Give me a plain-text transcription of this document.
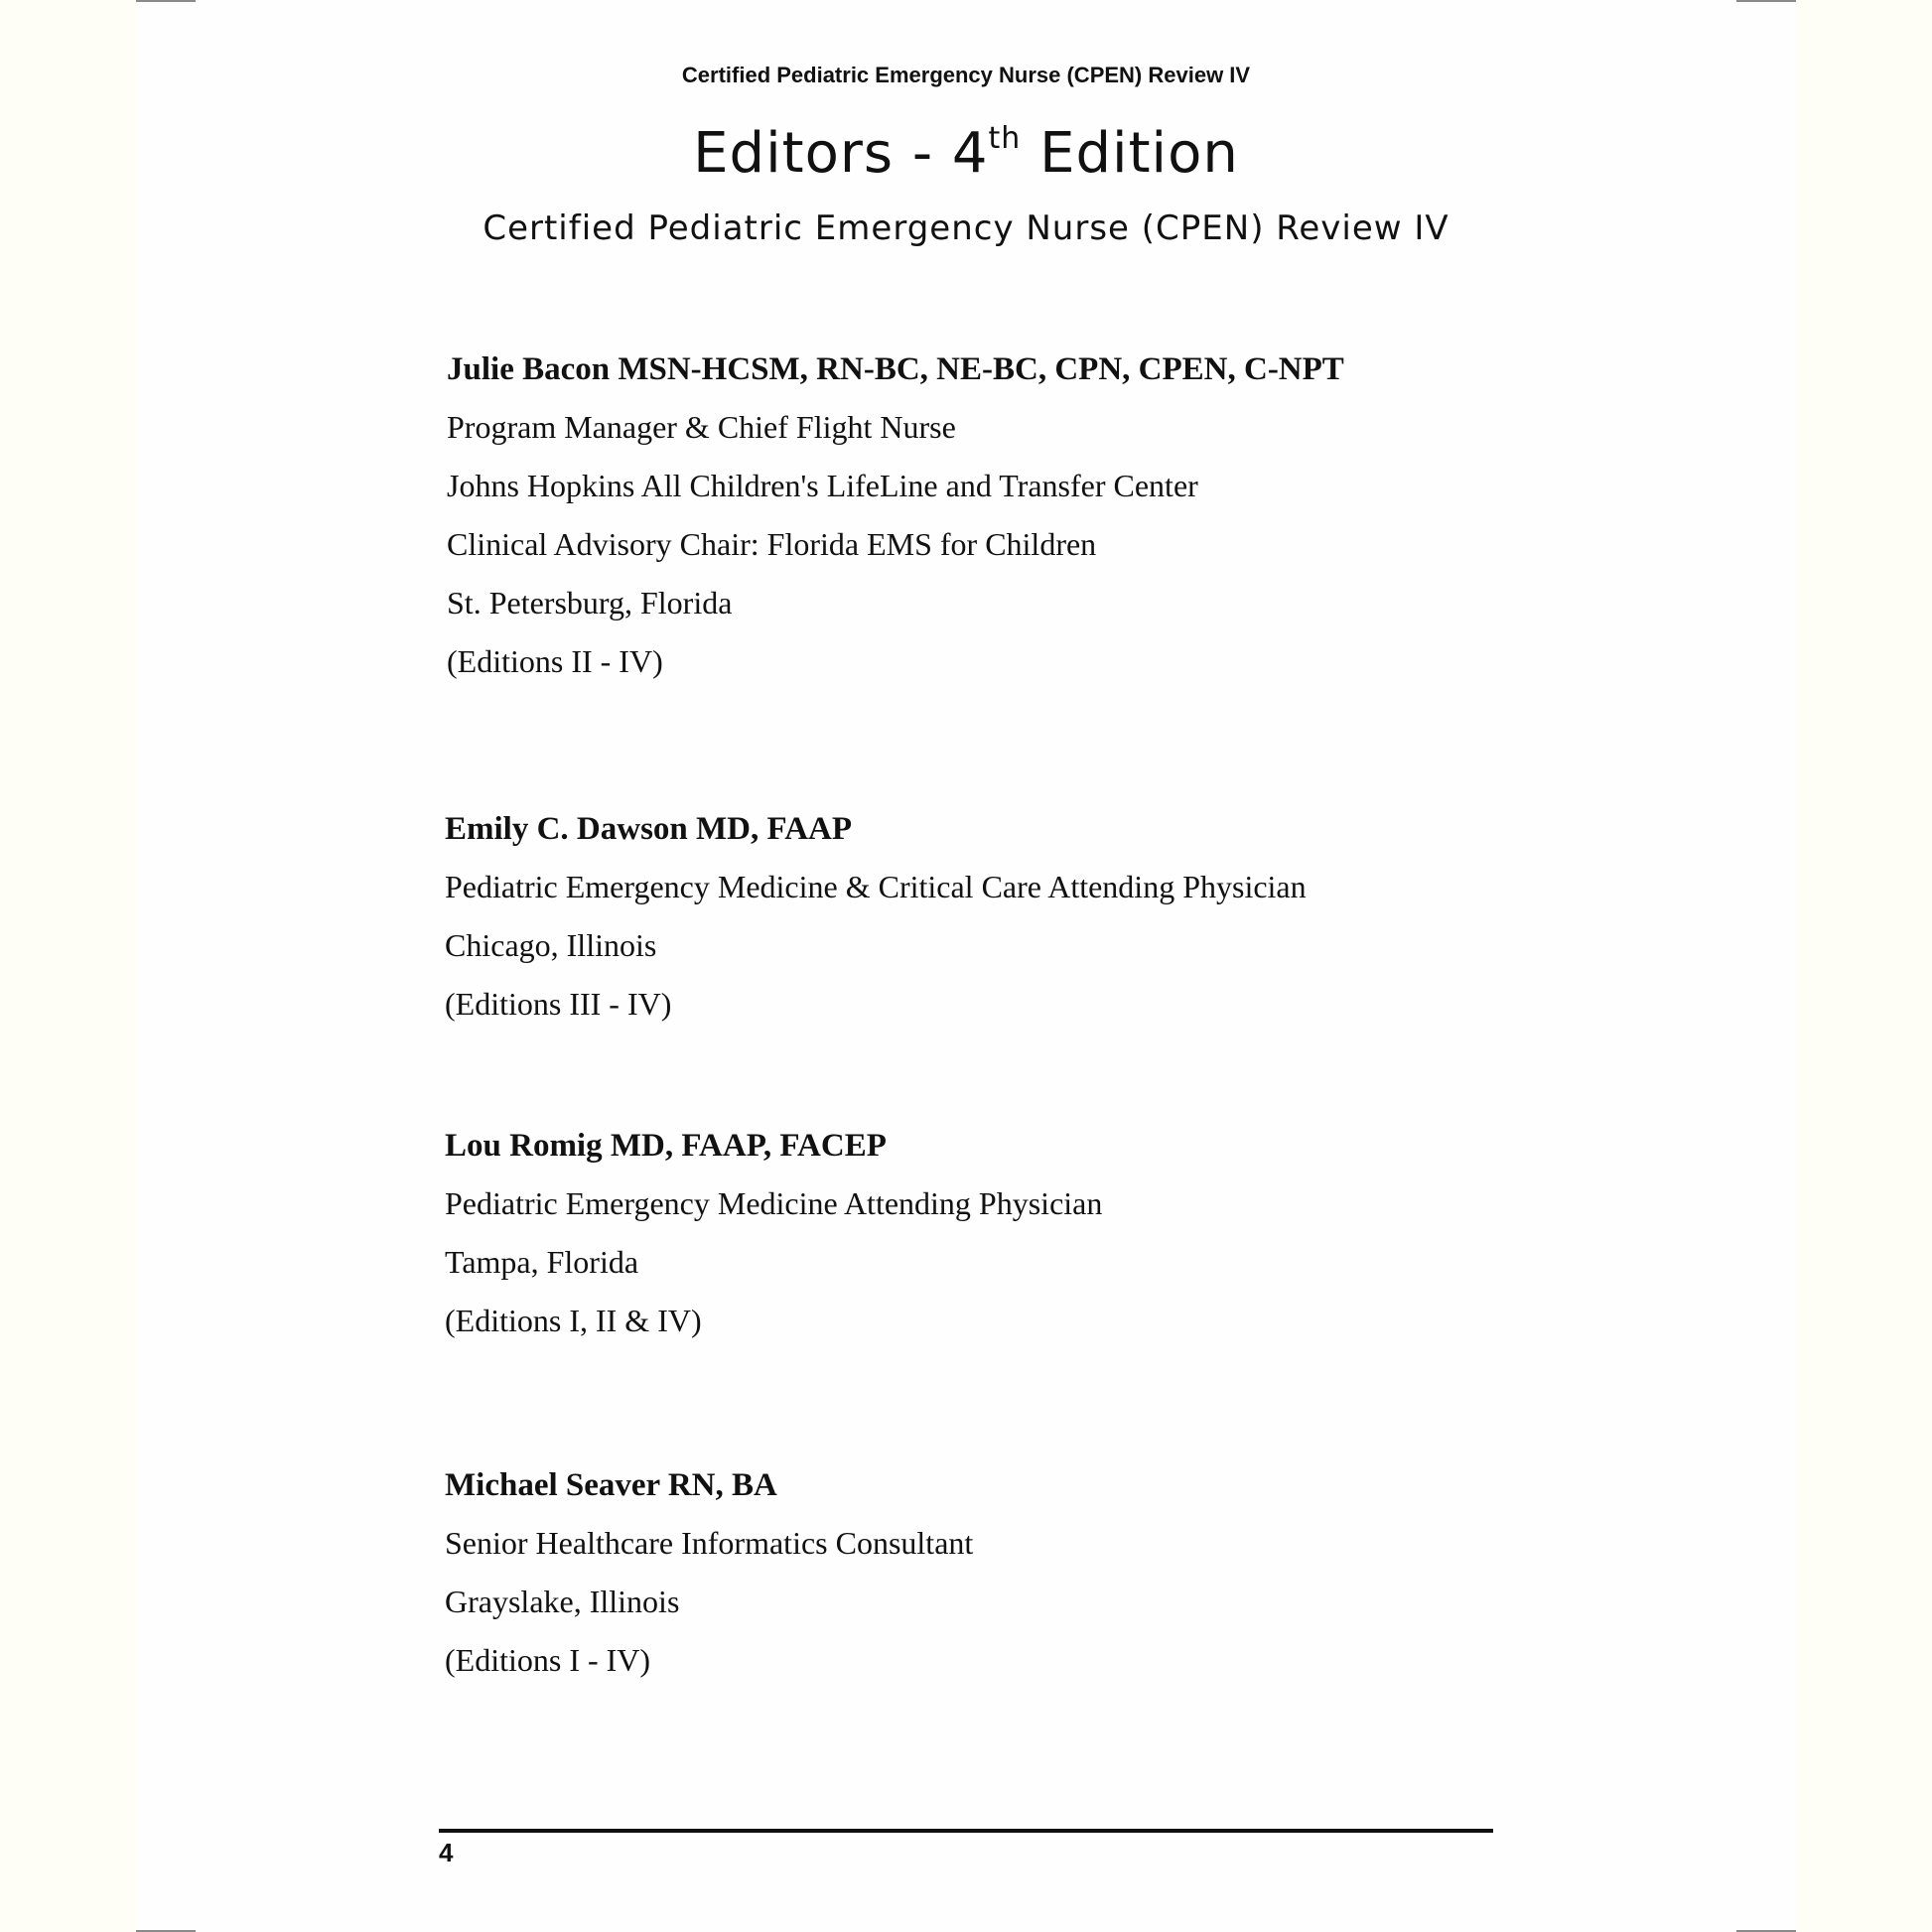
Certified Pediatric Emergency Nurse (CPEN) Review IV
Editors - 4th Edition
Certified Pediatric Emergency Nurse (CPEN) Review IV
Julie Bacon MSN-HCSM, RN-BC, NE-BC, CPN, CPEN, C-NPT
Program Manager & Chief Flight Nurse
Johns Hopkins All Children's LifeLine and Transfer Center
Clinical Advisory Chair: Florida EMS for Children
St. Petersburg, Florida
(Editions II - IV)
Emily C. Dawson MD, FAAP
Pediatric Emergency Medicine & Critical Care Attending Physician
Chicago, Illinois
(Editions III - IV)
Lou Romig MD, FAAP, FACEP
Pediatric Emergency Medicine Attending Physician
Tampa, Florida
(Editions I, II & IV)
Michael Seaver RN, BA
Senior Healthcare Informatics Consultant
Grayslake, Illinois
(Editions I - IV)
4
